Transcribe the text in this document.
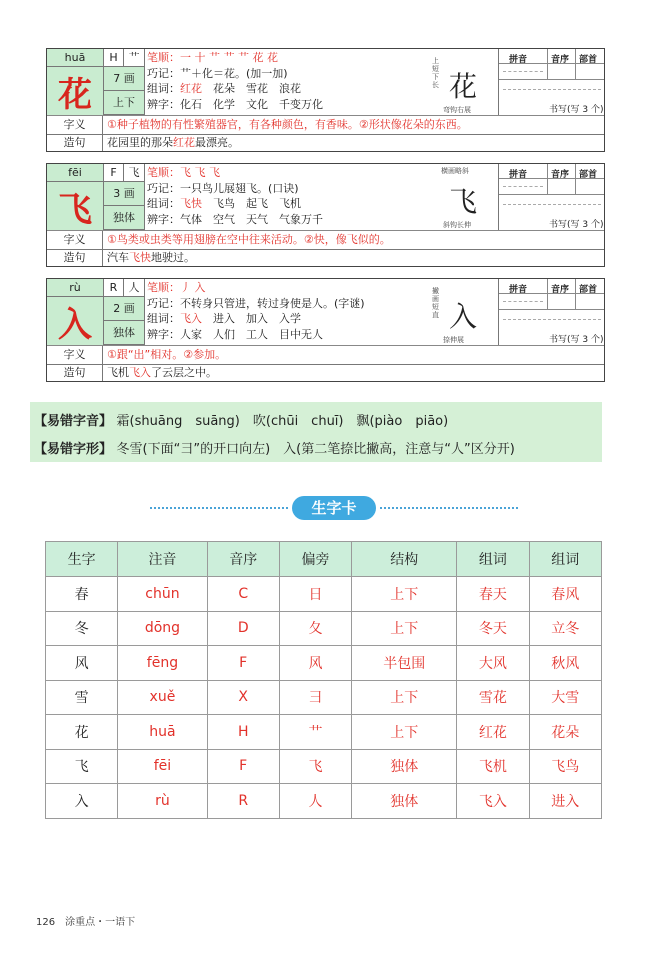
huā	H 艹
花	7 画
上下
笔顺：一 十 艹 艹 艹 花 花
巧记：艹＋化＝花。(加一加)
组词：红花　花朵　雪花　浪花
辨字：化石　化学　文化　千变万化
上短下长 花
弯钩右展
拼音	音序 部首
书写(写 3 个)
字义	①种子植物的有性繁殖器官，有各种颜色，有香味。②形状像花朵的东西。
造句	花园里的那朵红花最漂亮。
fēi	F	飞
飞	3 画
独体
笔顺：飞 飞 飞
巧记：一只鸟儿展翅飞。(口诀)
组词：飞快　飞鸟　起飞　飞机
辨字：气体　空气　天气　气象万千
横画略斜
飞
斜钩长伸
拼音	音序 部首
书写(写 3 个)
字义	①鸟类或虫类等用翅膀在空中往来活动。②快，像飞似的。
造句	汽车飞快地驶过。
rù	R	人
入	2 画
独体
笔顺：丿 入
巧记：不转身只管进，转过身使是人。(字谜)
组词：飞入　进入　加入　入学
辨字：人家　人们　工人　目中无人
撇画短直 入
捺伸展
拼音	音序 部首
书写(写 3 个)
字义	①跟“出”相对。②参加。
造句	飞机飞入了云层之中。
【易错字音】 霜(shuāng　suāng)　吹(chūi　chuī)　飘(piào　piāo)
【易错字形】 冬雪(下面“彐”的开口向左)　入(第二笔捺比撇高，注意与“人”区分开)
生字卡
生字	注音	音序	偏旁	结构	组词	组词
春	chūn	C	日	上下	春天	春风
冬	dōng	D	夂	上下	冬天	立冬
风	fēng	F	风	半包围	大风	秋风
雪	xuě	X	彐	上下	雪花	大雪
花	huā	H	艹	上下	红花	花朵
飞	fēi	F	飞	独体	飞机	飞鸟
入	rù	R	人	独体	飞入	进入
126　涂重点・一语下
